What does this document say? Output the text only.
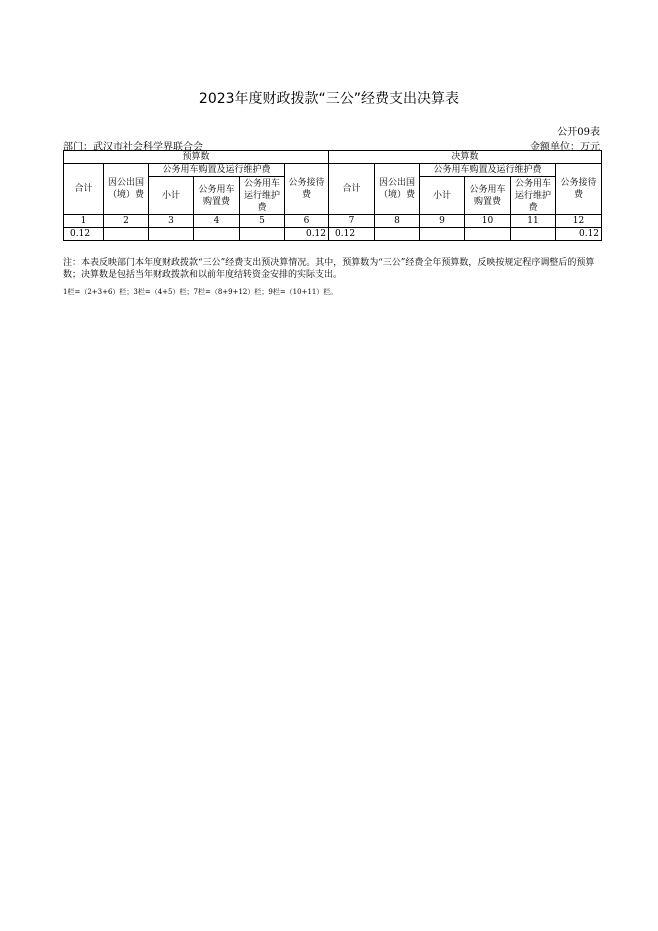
2023年度财政拨款“三公”经费支出决算表
公开09表
部门：武汉市社会科学界联合会	金额单位：万元
预算数						决算数					
合计	因公出国（境）费	公务用车购置及运行维护费			公务接待费	合计	因公出国（境）费	公务用车购置及运行维护费			公务接待费
		小计	公务用车购置费	公务用车运行维护费				小计	公务用车购置费	公务用车运行维护费	
1	2	3	4	5	6	7	8	9	10	11	12
0.12					0.12	0.12					0.12
注：本表反映部门本年度财政拨款“三公”经费支出预决算情况。其中，预算数为“三公”经费全年预算数，反映按规定程序调整后的预算数；决算数是包括当年财政拨款和以前年度结转资金安排的实际支出。
1栏=（2+3+6）栏；3栏=（4+5）栏；7栏=（8+9+12）栏；9栏=（10+11）栏。
